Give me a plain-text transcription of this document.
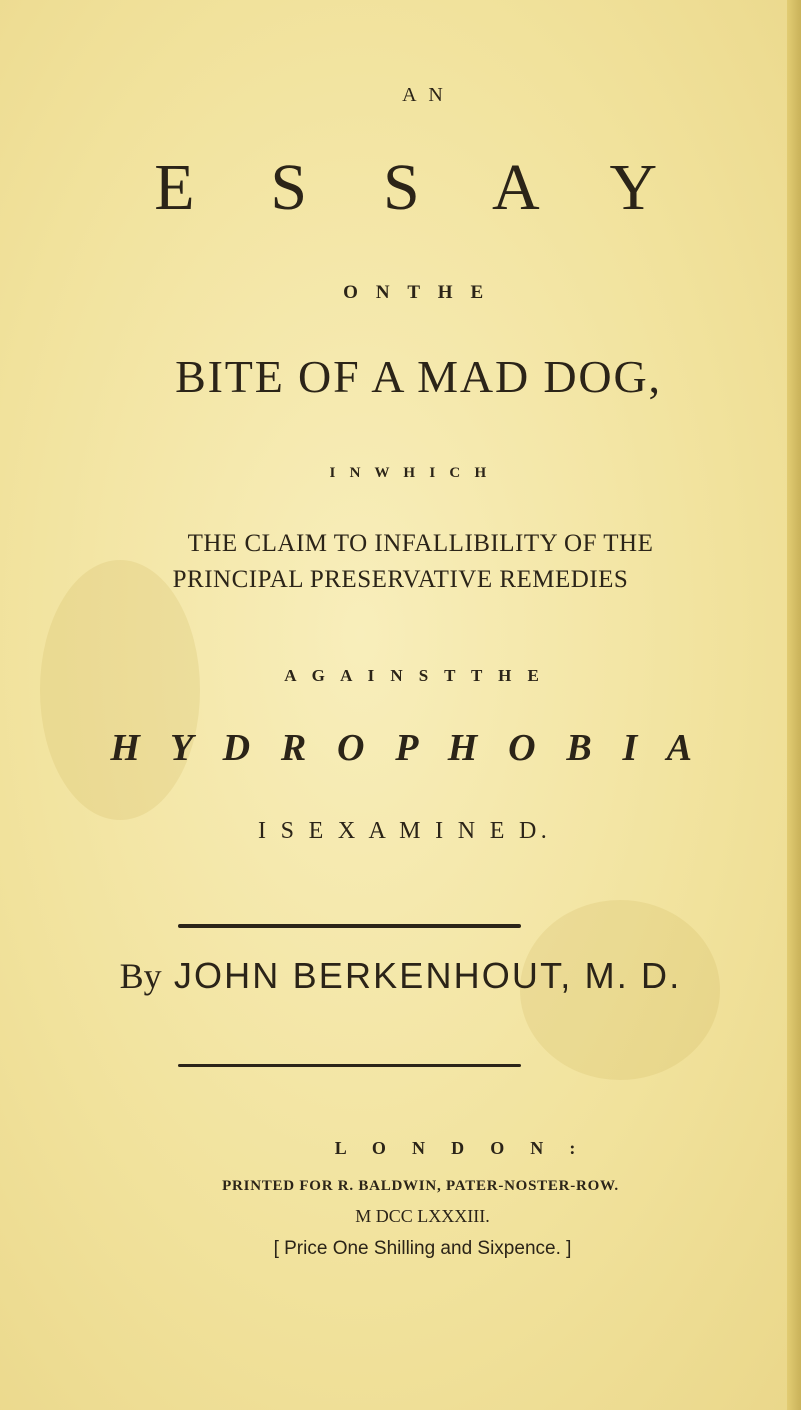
A N
E S S A Y
O N T H E
BITE OF A MAD DOG,
I N W H I C H
THE CLAIM TO INFALLIBILITY OF THE
PRINCIPAL PRESERVATIVE REMEDIES
A G A I N S T T H E
H Y D R O P H O B I A
I S E X A M I N E D.
By JOHN BERKENHOUT, M. D.
L O N D O N :
PRINTED FOR R. BALDWIN, PATER-NOSTER-ROW.
M DCC LXXXIII.
[ Price One Shilling and Sixpence. ]
